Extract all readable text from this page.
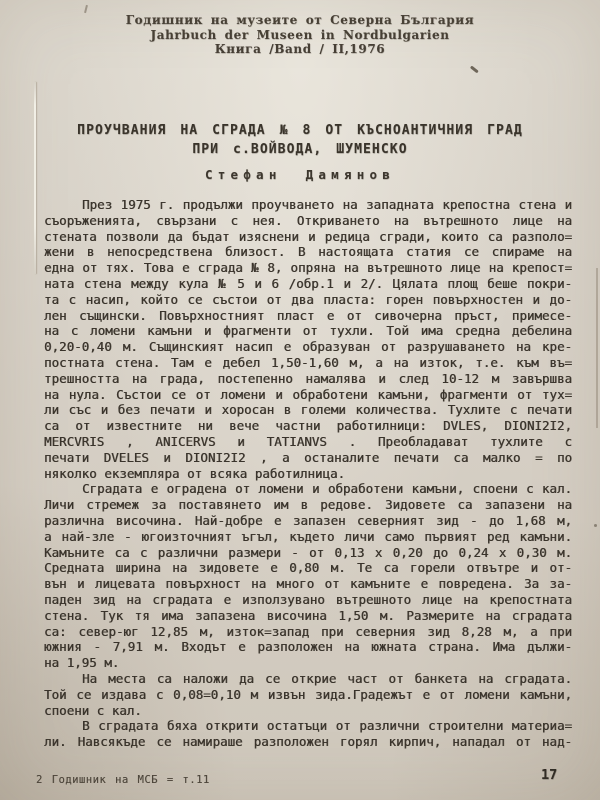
Годишник на музеите от Северна България
Jahrbuch der Museen in Nordbulgarien
Книга /Band / II,1976
ПРОУЧВАНИЯ НА СГРАДА № 8 ОТ КЪСНОАНТИЧНИЯ ГРАД
ПРИ с.ВОЙВОДА, ШУМЕНСКО
Стефан Дамянов
През 1975 г. продължи проучването на западната крепостна стена и
съоръженията, свързани с нея. Откриването на вътрешното лице на
стената позволи да бъдат изяснени и редица сгради, които са разполо=
жени в непосредствена близост. В настоящата статия се спираме на
една от тях. Това е сграда № 8, опряна на вътрешното лице на крепост=
ната стена между кула № 5 и 6 /обр.1 и 2/. Цялата площ беше покри-
та с насип, който се състои от два пласта: горен повърхностен и до-
лен същински. Повърхностният пласт е от сивочерна пръст, примесе-
на с ломени камъни и фрагменти от тухли. Той има средна дебелина
0,20-0,40 м. Същинският насип е образуван от разрушаването на кре-
постната стена. Там е дебел 1,50-1,60 м, а на изток, т.е. към въ=
трешността на града, постепенно намалява и след 10-12 м завършва
на нула. Състои се от ломени и обработени камъни, фрагменти от тух=
ли със и без печати и хоросан в големи количества. Тухлите с печати
са от известните ни вече частни работилници: DVLES, DIONI2I2,
MERCVRIS , ANICERVS и TATIANVS . Преобладават тухлите с
печати DVELES и DIONI2I2 , а останалите печати са малко = по
няколко екземпляра от всяка работилница.
Сградата е оградена от ломени и обработени камъни, споени с кал.
Личи стремеж за поставянето им в редове. Зидовете са запазени на
различна височина. Най-добре е запазен северният зид - до 1,68 м,
а най-зле - югоизточният ъгъл, където личи само първият ред камъни.
Камъните са с различни размери - от 0,13 х 0,20 до 0,24 х 0,30 м.
Средната ширина на зидовете е 0,80 м. Те са горели отвътре и от-
вън и лицевата повърхност на много от камъните е повредена. За за-
паден зид на сградата е използувано вътрешното лице на крепостната
стена. Тук тя има запазена височина 1,50 м. Размерите на сградата
са: север-юг 12,85 м, изток=запад при северния зид 8,28 м, а при
южния - 7,91 м. Входът е разположен на южната страна. Има дължи-
на 1,95 м.
На места са наложи да се открие част от банкета на сградата.
Той се издава с 0,08=0,10 м извън зида.Градежът е от ломени камъни,
споени с кал.
В сградата бяха открити остатъци от различни строителни материа=
ли. Навсякъде се намираше разположен горял кирпич, нападал от над-
2 Годишник на МСБ = т.11	17
